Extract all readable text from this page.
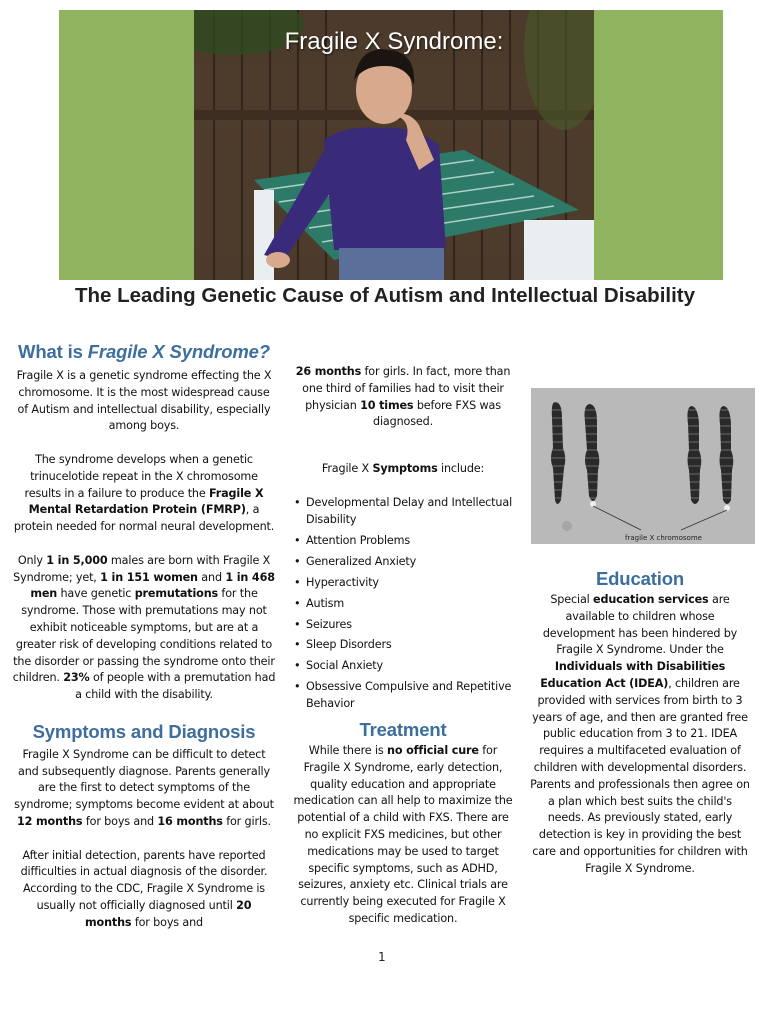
Fragile X Syndrome:
The Leading Genetic Cause of Autism and Intellectual Disability
What is Fragile X Syndrome?

Fragile X is a genetic syndrome effecting the X chromosome. It is the most widespread cause of Autism and intellectual disability, especially among boys.

The syndrome develops when a genetic trinucelotide repeat in the X chromosome results in a failure to produce the Fragile X Mental Retardation Protein (FMRP), a protein needed for normal neural development.

Only 1 in 5,000 males are born with Fragile X Syndrome; yet, 1 in 151 women and 1 in 468 men have genetic premutations for the syndrome. Those with premutations may not exhibit noticeable symptoms, but are at a greater risk of developing conditions related to the disorder or passing the syndrome onto their children. 23% of people with a premutation had a child with the disability.

Symptoms and Diagnosis

Fragile X Syndrome can be difficult to detect and subsequently diagnose. Parents generally are the first to detect symptoms of the syndrome; symptoms become evident at about 12 months for boys and 16 months for girls.

After initial detection, parents have reported difficulties in actual diagnosis of the disorder. According to the CDC, Fragile X Syndrome is usually not officially diagnosed until 20 months for boys and

26 months for girls. In fact, more than one third of families had to visit their physician 10 times before FXS was diagnosed.

Fragile X Symptoms include:

• Developmental Delay and Intellectual Disability
• Attention Problems
• Generalized Anxiety
• Hyperactivity
• Autism
• Seizures
• Sleep Disorders
• Social Anxiety
• Obsessive Compulsive and Repetitive Behavior
Treatment

While there is no official cure for Fragile X Syndrome, early detection, quality education and appropriate medication can all help to maximize the potential of a child with FXS. There are no explicit FXS medicines, but other medications may be used to target specific symptoms, such as ADHD, seizures, anxiety etc. Clinical trials are currently being executed for Fragile X specific medication.

fragile X chromosome
Education

Special education services are available to children whose development has been hindered by Fragile X Syndrome. Under the Individuals with Disabilities Education Act (IDEA), children are provided with services from birth to 3 years of age, and then are granted free public education from 3 to 21. IDEA requires a multifaceted evaluation of children with developmental disorders. Parents and professionals then agree on a plan which best suits the child's needs. As previously stated, early detection is key in providing the best care and opportunities for children with Fragile X Syndrome.

1
